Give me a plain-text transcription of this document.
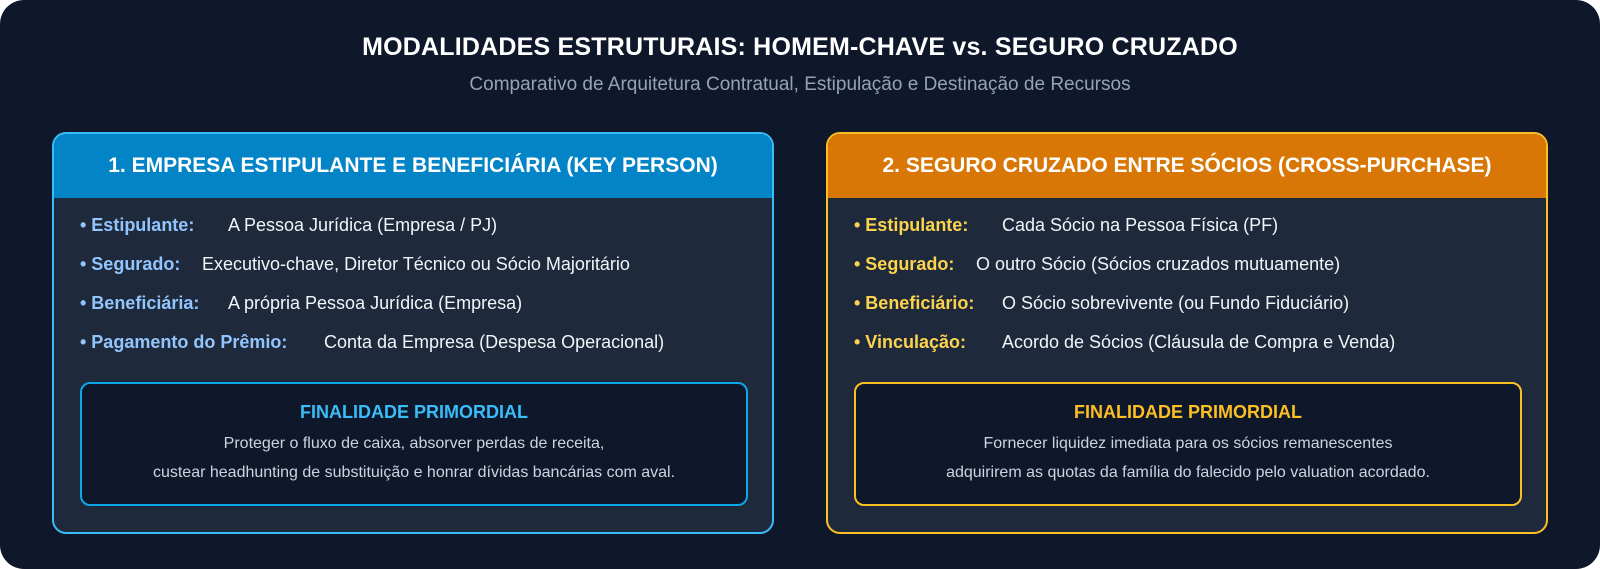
MODALIDADES ESTRUTURAIS: HOMEM-CHAVE vs. SEGURO CRUZADO
Comparativo de Arquitetura Contratual, Estipulação e Destinação de Recursos
1. EMPRESA ESTIPULANTE E BENEFICIÁRIA (KEY PERSON)
• Estipulante: A Pessoa Jurídica (Empresa / PJ)
• Segurado: Executivo-chave, Diretor Técnico ou Sócio Majoritário
• Beneficiária: A própria Pessoa Jurídica (Empresa)
• Pagamento do Prêmio: Conta da Empresa (Despesa Operacional)
FINALIDADE PRIMORDIAL
Proteger o fluxo de caixa, absorver perdas de receita,
custear headhunting de substituição e honrar dívidas bancárias com aval.
2. SEGURO CRUZADO ENTRE SÓCIOS (CROSS-PURCHASE)
• Estipulante: Cada Sócio na Pessoa Física (PF)
• Segurado: O outro Sócio (Sócios cruzados mutuamente)
• Beneficiário: O Sócio sobrevivente (ou Fundo Fiduciário)
• Vinculação: Acordo de Sócios (Cláusula de Compra e Venda)
FINALIDADE PRIMORDIAL
Fornecer liquidez imediata para os sócios remanescentes
adquirirem as quotas da família do falecido pelo valuation acordado.
